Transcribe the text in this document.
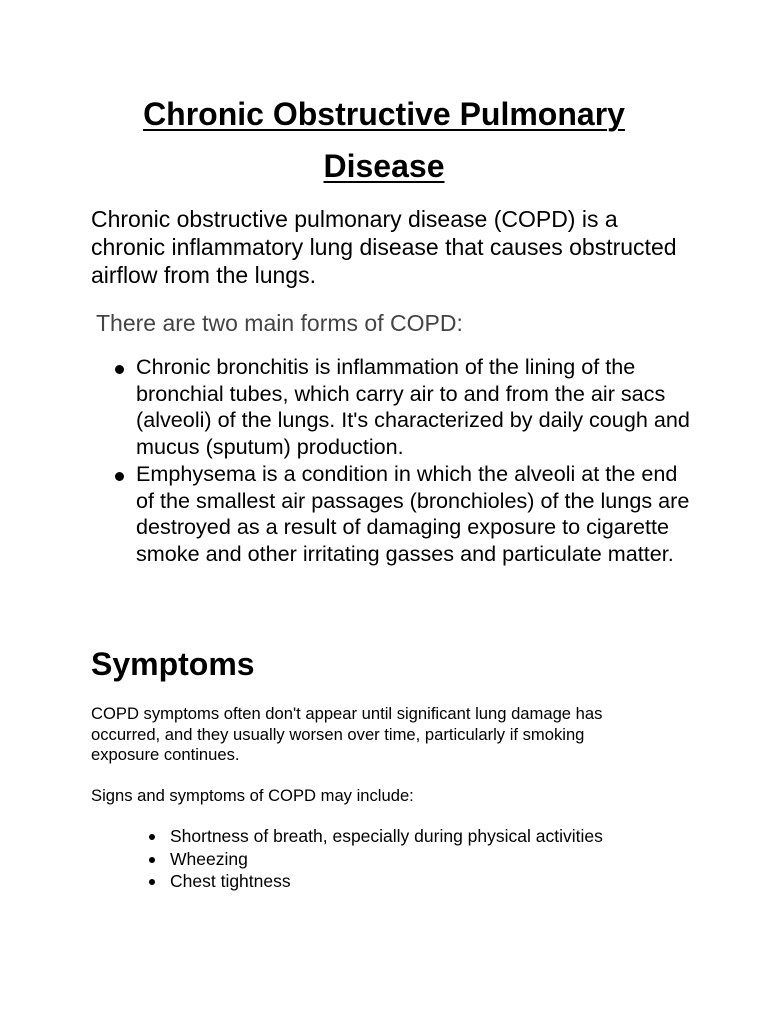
Chronic Obstructive Pulmonary
Disease

Chronic obstructive pulmonary disease (COPD) is a chronic inflammatory lung disease that causes obstructed airflow from the lungs.

There are two main forms of COPD:

Chronic bronchitis is inflammation of the lining of the bronchial tubes, which carry air to and from the air sacs (alveoli) of the lungs. It's characterized by daily cough and mucus (sputum) production.
Emphysema is a condition in which the alveoli at the end of the smallest air passages (bronchioles) of the lungs are destroyed as a result of damaging exposure to cigarette smoke and other irritating gasses and particulate matter.
Symptoms

COPD symptoms often don't appear until significant lung damage has occurred, and they usually worsen over time, particularly if smoking exposure continues.

Signs and symptoms of COPD may include:

Shortness of breath, especially during physical activities
Wheezing
Chest tightness
